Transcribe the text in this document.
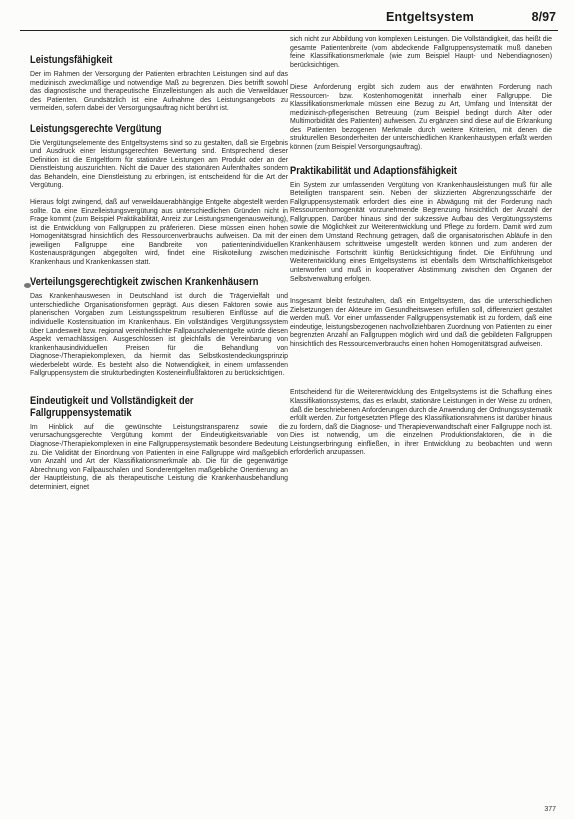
Entgeltsystem	8/97
Leistungsfähigkeit

Der im Rahmen der Versorgung der Patienten erbrachten Leistungen sind auf das medizinisch zweckmäßige und notwendige Maß zu begrenzen. Dies betrifft sowohl das diagnostische und therapeutische Einzelleistungen als auch die Verweildauer des Patienten. Grundsätzlich ist eine Aufnahme des Leistungsangebots zu vermeiden, sofern dabei der Versorgungsauftrag nicht berührt ist.

Leistungsgerechte Vergütung

Die Vergütungselemente des Entgeltsystems sind so zu gestalten, daß sie Ergebnis und Ausdruck einer leistungsgerechten Bewertung sind. Entsprechend dieser Definition ist die Entgeltform für stationäre Leistungen am Produkt oder an der Dienstleistung auszurichten. Nicht die Dauer des stationären Aufenthaltes sondern das Behandeln, eine Dienstleistung zu erbringen, ist entscheidend für die Art der Vergütung.

Hieraus folgt zwingend, daß auf verweildauerabhängige Entgelte abgestellt werden sollte. Da eine Einzelleistungsvergütung aus unterschiedlichen Gründen nicht in Frage kommt (zum Beispiel Praktikabilität, Anreiz zur Leistungsmengenausweitung), ist die Entwicklung von Fallgruppen zu präferieren. Diese müssen einen hohen Homogenitätsgrad hinsichtlich des Ressourcenverbrauchs aufweisen. Da mit der jeweiligen Fallgruppe eine Bandbreite von patientenindividuellen Kostenausprägungen abgegolten wird, findet eine Risikoteilung zwischen Krankenhaus und Krankenkassen statt.

Verteilungsgerechtigkeit zwischen Krankenhäusern

Das Krankenhauswesen in Deutschland ist durch die Trägervielfalt und unterschiedliche Organisationsformen geprägt. Aus diesen Faktoren sowie aus planerischen Vorgaben zum Leistungsspektrum resultieren Einflüsse auf die individuelle Kostensituation im Krankenhaus. Ein vollständiges Vergütungssystem über Landesweit bzw. regional vereinheitlichte Fallpauschalenentgelte würde diesen Aspekt vernachlässigen. Ausgeschlossen ist gleichfalls die Vereinbarung von krankenhausindividuellen Preisen für die Behandlung von Diagnose-/Therapiekomplexen, da hiermit das Selbstkostendeckungsprinzip wiederbelebt würde. Es besteht also die Notwendigkeit, in einem umfassenden Fallgruppensystem die strukturbedingten Kosteneinflußfaktoren zu berücksichtigen.

Eindeutigkeit und Vollständigkeit der Fallgruppensystematik

Im Hinblick auf die gewünschte Leistungstransparenz sowie die verursachungsgerechte Vergütung kommt der Eindeutigkeitsvariable von Diagnose-/Therapiekomplexen in eine Fallgruppensystematik besondere Bedeutung zu. Die Validität der Einordnung von Patienten in eine Fallgruppe wird maßgeblich von Anzahl und Art der Klassifikationsmerkmale ab. Die für die gegenwärtige Abrechnung von Fallpauschalen und Sonderentgelten maßgebliche Orientierung an der Hauptleistung, die als therapeutische Leistung die Krankenhausbehandlung determiniert, eignet

sich nicht zur Abbildung von komplexen Leistungen. Die Vollständigkeit, das heißt die gesamte Patientenbreite (vom abdeckende Fallgruppensystematik muß daneben feine Klassifikationsmerkmale (wie zum Beispiel Haupt- und Nebendiagnosen) berücksichtigen.

Diese Anforderung ergibt sich zudem aus der erwähnten Forderung nach Ressourcen- bzw. Kostenhomogenität innerhalb einer Fallgruppe. Die Klassifikationsmerkmale müssen eine Bezug zu Art, Umfang und Intensität der medizinisch-pflegerischen Betreuung (zum Beispiel bedingt durch Alter oder Multimorbidität des Patienten) aufweisen. Zu ergänzen sind diese auf die Erkrankung des Patienten bezogenen Merkmale durch weitere Kriterien, mit denen die strukturellen Besonderheiten der unterschiedlichen Krankenhaustypen erfaßt werden können (zum Beispiel Versorgungsauftrag).

Praktikabilität und Adaptionsfähigkeit

Ein System zur umfassenden Vergütung von Krankenhausleistungen muß für alle Beteiligten transparent sein. Neben der skizzierten Abgrenzungsschärfe der Fallgruppensystematik erfordert dies eine in Abwägung mit der Forderung nach Ressourcenhomogenität vorzunehmende Begrenzung hinsichtlich der Anzahl der Fallgruppen. Darüber hinaus sind der sukzessive Aufbau des Vergütungssystems sowie die Möglichkeit zur Weiterentwicklung und Pflege zu fordern. Damit wird zum einen dem Umstand Rechnung getragen, daß die organisatorischen Abläufe in den Krankenhäusern schrittweise umgestellt werden können und zum anderen der medizinische Fortschritt künftig Berücksichtigung findet. Die Einführung und Weiterentwicklung eines Entgeltsystems ist ebenfalls dem Wirtschaftlichkeitsgebot unterworfen und muß in kooperativer Abstimmung zwischen den Organen der Selbstverwaltung erfolgen.

Insgesamt bleibt festzuhalten, daß ein Entgeltsystem, das die unterschiedlichen Zielsetzungen der Akteure im Gesundheitswesen erfüllen soll, differenziert gestaltet werden muß. Vor einer umfassender Fallgruppensystematik ist zu fordern, daß eine eindeutige, leistungsbezogenen nachvollziehbaren Zuordnung von Patienten zu einer begrenzten Anzahl an Fallgruppen möglich wird und daß die gebildeten Fallgruppen hinsichtlich des Ressourcenverbrauchs einen hohen Homogenitätsgrad aufweisen.

Entscheidend für die Weiterentwicklung des Entgeltsystems ist die Schaffung eines Klassifikationssystems, das es erlaubt, stationäre Leistungen in der Weise zu ordnen, daß die beschriebenen Anforderungen durch die Anwendung der Ordnungssystematik erfüllt werden. Zur fortgesetzten Pflege des Klassifikationsrahmens ist darüber hinaus zu fordern, daß die Diagnose- und Therapieverwandtschaft einer Fallgruppe noch ist. Dies ist notwendig, um die einzelnen Produktionsfaktoren, die in die Leistungserbringung einfließen, in ihrer Entwicklung zu beobachten und wenn erforderlich anzupassen.

377
